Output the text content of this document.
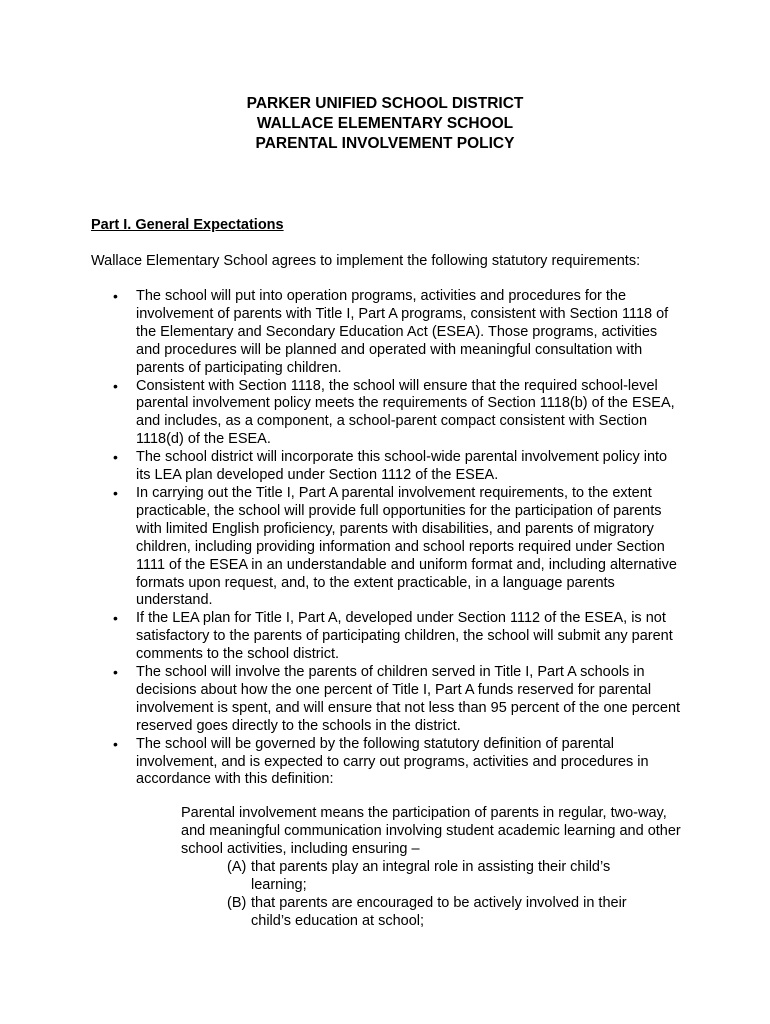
PARKER UNIFIED SCHOOL DISTRICT
WALLACE ELEMENTARY SCHOOL
PARENTAL INVOLVEMENT POLICY
Part I. General Expectations
Wallace Elementary School agrees to implement the following statutory requirements:
• The school will put into operation programs, activities and procedures for the involvement of parents with Title I, Part A programs, consistent with Section 1118 of the Elementary and Secondary Education Act (ESEA). Those programs, activities and procedures will be planned and operated with meaningful consultation with parents of participating children.
• Consistent with Section 1118, the school will ensure that the required school-level parental involvement policy meets the requirements of Section 1118(b) of the ESEA, and includes, as a component, a school-parent compact consistent with Section 1118(d) of the ESEA.
• The school district will incorporate this school-wide parental involvement policy into its LEA plan developed under Section 1112 of the ESEA.
• In carrying out the Title I, Part A parental involvement requirements, to the extent practicable, the school will provide full opportunities for the participation of parents with limited English proficiency, parents with disabilities, and parents of migratory children, including providing information and school reports required under Section 1111 of the ESEA in an understandable and uniform format and, including alternative formats upon request, and, to the extent practicable, in a language parents understand.
• If the LEA plan for Title I, Part A, developed under Section 1112 of the ESEA, is not satisfactory to the parents of participating children, the school will submit any parent comments to the school district.
• The school will involve the parents of children served in Title I, Part A schools in decisions about how the one percent of Title I, Part A funds reserved for parental involvement is spent, and will ensure that not less than 95 percent of the one percent reserved goes directly to the schools in the district.
• The school will be governed by the following statutory definition of parental involvement, and is expected to carry out programs, activities and procedures in accordance with this definition:
Parental involvement means the participation of parents in regular, two-way, and meaningful communication involving student academic learning and other school activities, including ensuring –
(A) that parents play an integral role in assisting their child’s learning;
(B) that parents are encouraged to be actively involved in their child’s education at school;
